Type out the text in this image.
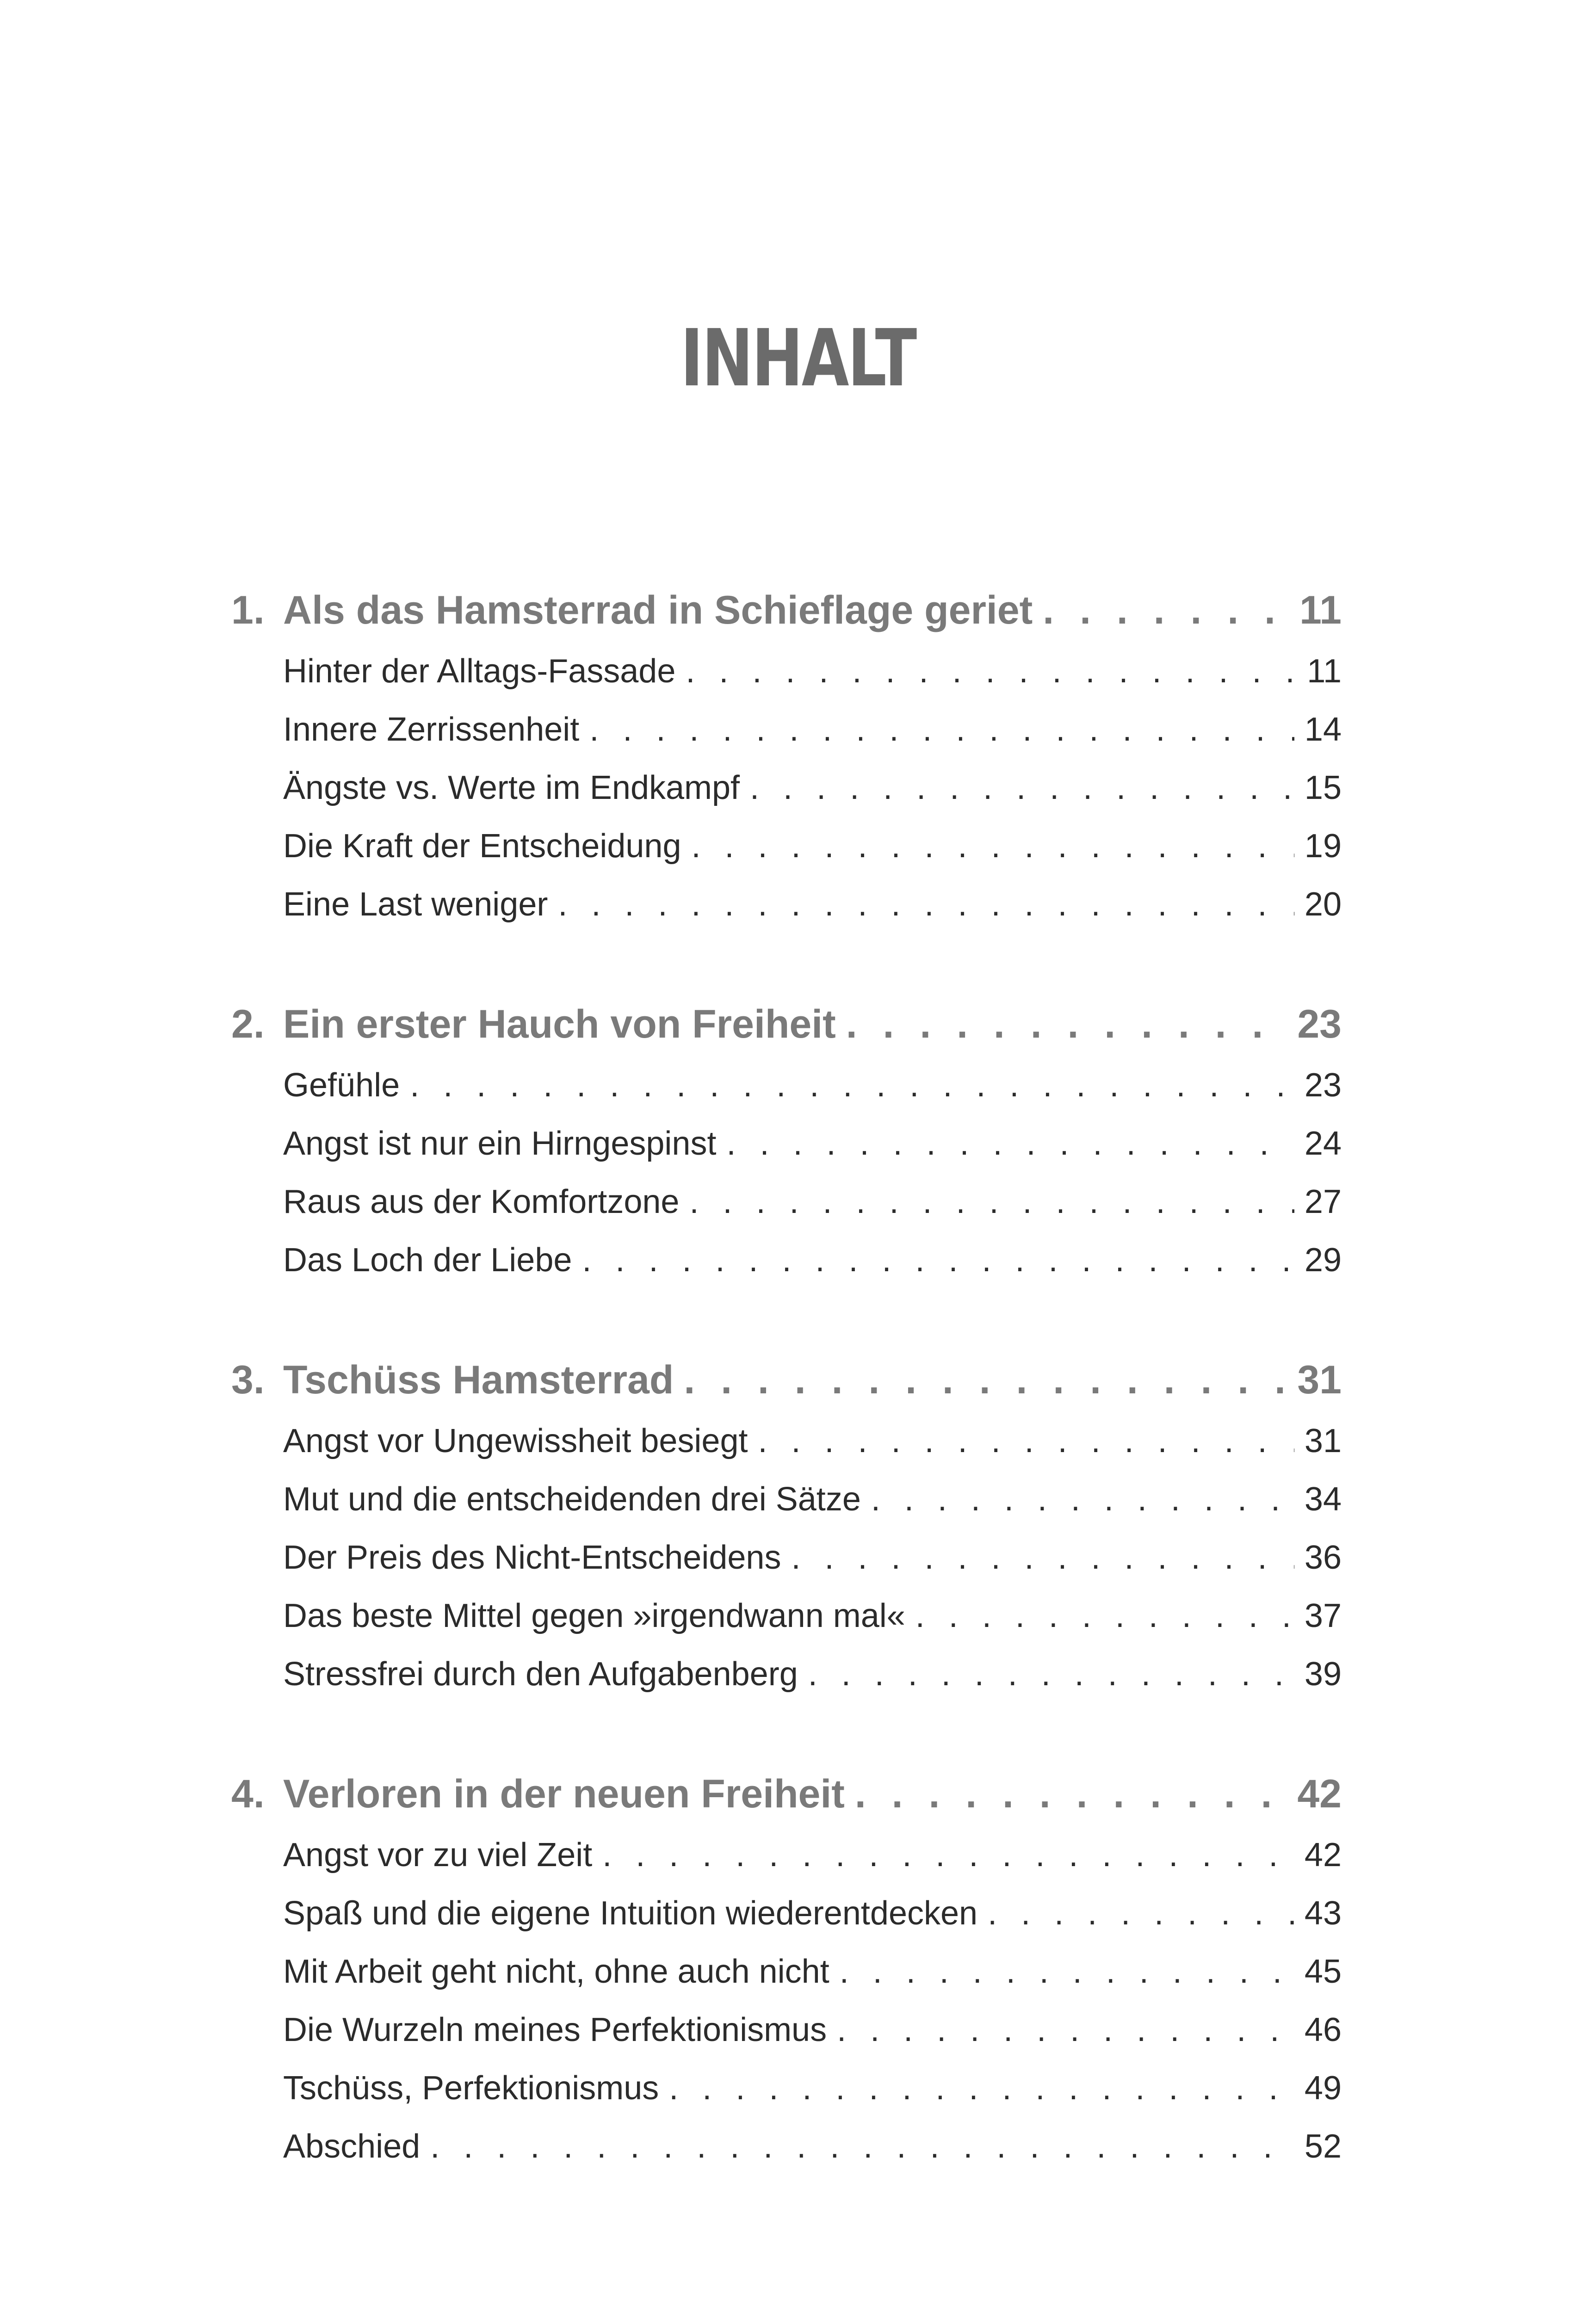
INHALT
1. Als das Hamsterrad in Schieflage geriet . . .	11
Hinter der Alltags-Fassade . . .	11
Innere Zerrissenheit . . .	14
Ängste vs. Werte im Endkampf . . .	15
Die Kraft der Entscheidung . . .	19
Eine Last weniger . . .	20
2. Ein erster Hauch von Freiheit . . .	23
Gefühle . . .	23
Angst ist nur ein Hirngespinst . . .	24
Raus aus der Komfortzone . . .	27
Das Loch der Liebe . . .	29
3. Tschüss Hamsterrad . . .	31
Angst vor Ungewissheit besiegt . . .	31
Mut und die entscheidenden drei Sätze . . .	34
Der Preis des Nicht-Entscheidens . . .	36
Das beste Mittel gegen »irgendwann mal« . . .	37
Stressfrei durch den Aufgabenberg . . .	39
4. Verloren in der neuen Freiheit . . .	42
Angst vor zu viel Zeit . . .	42
Spaß und die eigene Intuition wiederentdecken . . .	43
Mit Arbeit geht nicht, ohne auch nicht . . .	45
Die Wurzeln meines Perfektionismus . . .	46
Tschüss, Perfektionismus . . .	49
Abschied . . .	52
